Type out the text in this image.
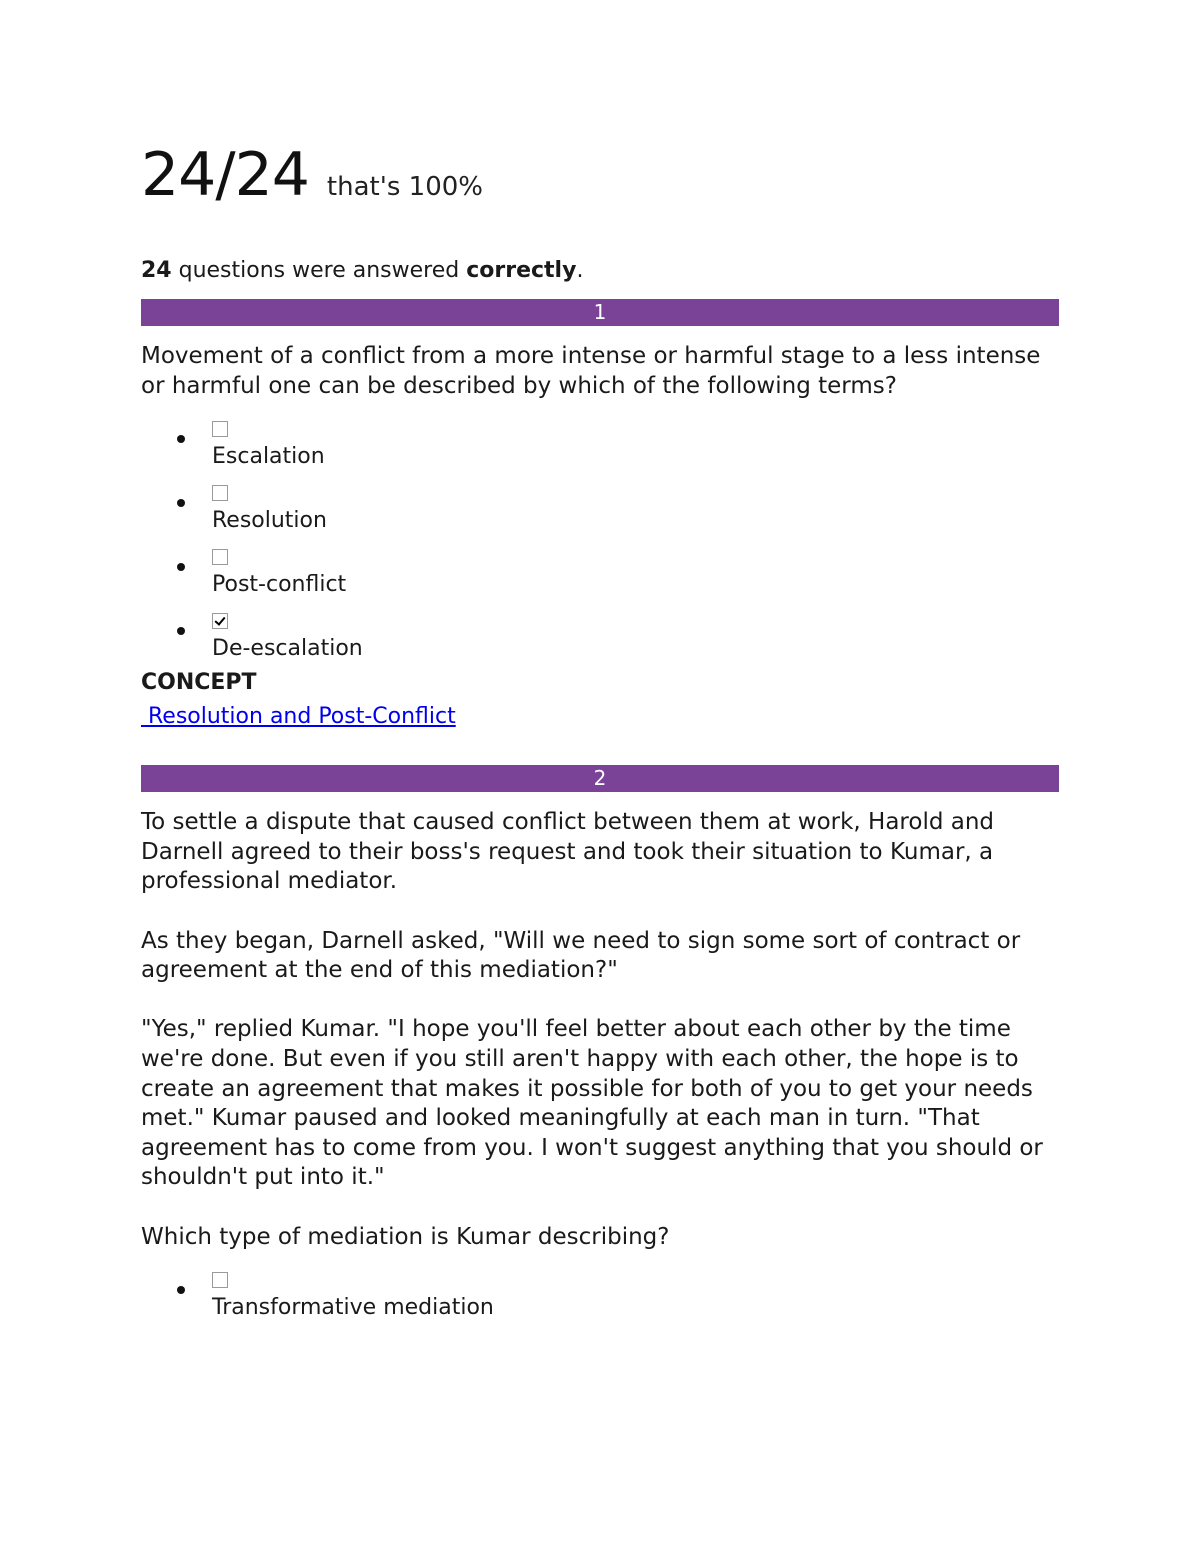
24/24 that's 100%
24 questions were answered correctly.
1

Movement of a conflict from a more intense or harmful stage to a less intense or harmful one can be described by which of the following terms?

Escalation
Resolution
Post-conflict
De-escalation
CONCEPT
Resolution and Post-Conflict
2

To settle a dispute that caused conflict between them at work, Harold and Darnell agreed to their boss's request and took their situation to Kumar, a professional mediator.

As they began, Darnell asked, "Will we need to sign some sort of contract or agreement at the end of this mediation?"

"Yes," replied Kumar. "I hope you'll feel better about each other by the time we're done. But even if you still aren't happy with each other, the hope is to create an agreement that makes it possible for both of you to get your needs met." Kumar paused and looked meaningfully at each man in turn. "That agreement has to come from you. I won't suggest anything that you should or shouldn't put into it."

Which type of mediation is Kumar describing?

Transformative mediation
